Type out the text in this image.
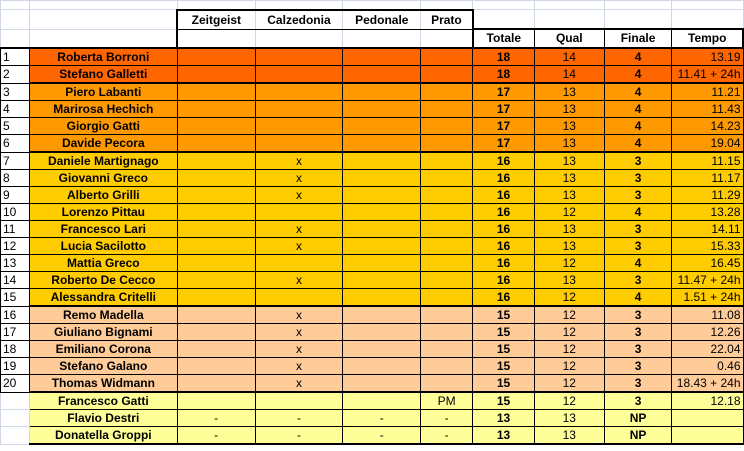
		Zeitgeist	Calzedonia	Pedonale	Prato				
						Totale	Qual	Finale	Tempo
1	Roberta Borroni					18	14	4	13.19
2	Stefano Galletti					18	14	4	11.41 + 24h
3	Piero Labanti					17	13	4	11.21
4	Marirosa Hechich					17	13	4	11.43
5	Giorgio Gatti					17	13	4	14.23
6	Davide Pecora					17	13	4	19.04
7	Daniele Martignago		x			16	13	3	11.15
8	Giovanni Greco		x			16	13	3	11.17
9	Alberto Grilli		x			16	13	3	11.29
10	Lorenzo Pittau					16	12	4	13.28
11	Francesco Lari		x			16	13	3	14.11
12	Lucia Sacilotto		x			16	13	3	15.33
13	Mattia Greco					16	12	4	16.45
14	Roberto De Cecco		x			16	13	3	11.47 + 24h
15	Alessandra Critelli					16	12	4	1.51 + 24h
16	Remo Madella		x			15	12	3	11.08
17	Giuliano Bignami		x			15	12	3	12.26
18	Emiliano Corona		x			15	12	3	22.04
19	Stefano Galano		x			15	12	3	0.46
20	Thomas Widmann		x			15	12	3	18.43 + 24h
	Francesco Gatti				PM	15	12	3	12.18
	Flavio Destri	-	-	-	-	13	13	NP	
	Donatella Groppi	-	-	-	-	13	13	NP	
